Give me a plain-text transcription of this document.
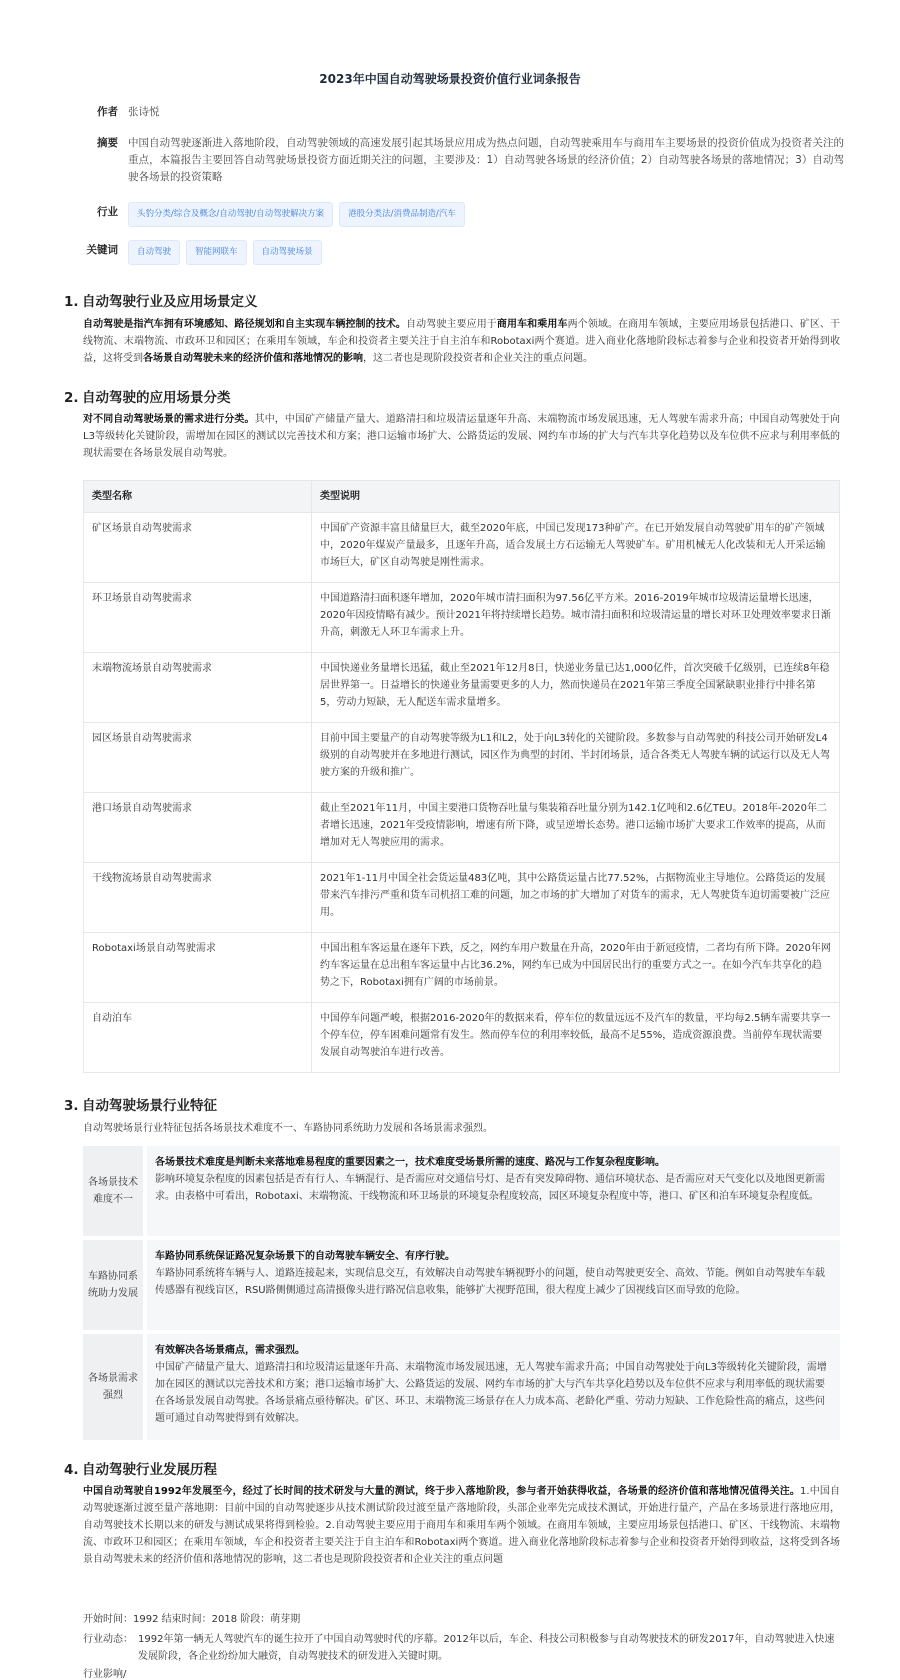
2023年中国自动驾驶场景投资价值行业词条报告
作者 张诗悦
摘要 中国自动驾驶逐渐进入落地阶段，自动驾驶领域的高速发展引起其场景应用成为热点问题，自动驾驶乘用车与商用车主要场景的投资价值成为投资者关注的重点，本篇报告主要回答自动驾驶场景投资方面近期关注的问题，主要涉及：1）自动驾驶各场景的经济价值；2）自动驾驶各场景的落地情况；3）自动驾驶各场景的投资策略
行业	头豹分类/综合及概念/自动驾驶/自动驾驶解决方案	港股分类法/消费品制造/汽车
关键词	自动驾驶	智能网联车	自动驾驶场景
1. 自动驾驶行业及应用场景定义
自动驾驶是指汽车拥有环境感知、路径规划和自主实现车辆控制的技术。自动驾驶主要应用于商用车和乘用车两个领域。在商用车领域，主要应用场景包括港口、矿区、干线物流、末端物流、市政环卫和园区；在乘用车领域，车企和投资者主要关注于自主泊车和Robotaxi两个赛道。进入商业化落地阶段标志着参与企业和投资者开始得到收益，这将受到各场景自动驾驶未来的经济价值和落地情况的影响，这二者也是现阶段投资者和企业关注的重点问题。
2. 自动驾驶的应用场景分类
对不同自动驾驶场景的需求进行分类。其中，中国矿产储量产量大、道路清扫和垃圾清运量逐年升高、末端物流市场发展迅速，无人驾驶车需求升高；中国自动驾驶处于向L3等级转化关键阶段，需增加在园区的测试以完善技术和方案；港口运输市场扩大、公路货运的发展、网约车市场的扩大与汽车共享化趋势以及车位供不应求与利用率低的现状需要在各场景发展自动驾驶。
类型名称	类型说明
矿区场景自动驾驶需求	中国矿产资源丰富且储量巨大，截至2020年底，中国已发现173种矿产。在已开始发展自动驾驶矿用车的矿产领域中，2020年煤炭产量最多，且逐年升高，适合发展土方石运输无人驾驶矿车。矿用机械无人化改装和无人开采运输市场巨大，矿区自动驾驶是刚性需求。
环卫场景自动驾驶需求	中国道路清扫面积逐年增加，2020年城市清扫面积为97.56亿平方米。2016-2019年城市垃圾清运量增长迅速，2020年因疫情略有减少。预计2021年将持续增长趋势。城市清扫面积和垃圾清运量的增长对环卫处理效率要求日渐升高，刺激无人环卫车需求上升。
末端物流场景自动驾驶需求	中国快递业务量增长迅猛，截止至2021年12月8日，快递业务量已达1,000亿件，首次突破千亿级别，已连续8年稳居世界第一。日益增长的快递业务量需要更多的人力，然而快递员在2021年第三季度全国紧缺职业排行中排名第5，劳动力短缺，无人配送车需求量增多。
园区场景自动驾驶需求	目前中国主要量产的自动驾驶等级为L1和L2，处于向L3转化的关键阶段。多数参与自动驾驶的科技公司开始研发L4级别的自动驾驶并在多地进行测试，园区作为典型的封闭、半封闭场景，适合各类无人驾驶车辆的试运行以及无人驾驶方案的升级和推广。
港口场景自动驾驶需求	截止至2021年11月，中国主要港口货物吞吐量与集装箱吞吐量分别为142.1亿吨和2.6亿TEU。2018年-2020年二者增长迅速，2021年受疫情影响，增速有所下降，或呈逆增长态势。港口运输市场扩大要求工作效率的提高，从而增加对无人驾驶应用的需求。
干线物流场景自动驾驶需求	2021年1-11月中国全社会货运量483亿吨，其中公路货运量占比77.52%，占据物流业主导地位。公路货运的发展带来汽车排污严重和货车司机招工难的问题，加之市场的扩大增加了对货车的需求，无人驾驶货车迫切需要被广泛应用。
Robotaxi场景自动驾驶需求	中国出租车客运量在逐年下跌，反之，网约车用户数量在升高，2020年由于新冠疫情，二者均有所下降。2020年网约车客运量在总出租车客运量中占比36.2%，网约车已成为中国居民出行的重要方式之一。在如今汽车共享化的趋势之下，Robotaxi拥有广阔的市场前景。
自动泊车	中国停车问题严峻，根据2016-2020年的数据来看，停车位的数量远远不及汽车的数量，平均每2.5辆车需要共享一个停车位，停车困难问题常有发生。然而停车位的利用率较低，最高不足55%，造成资源浪费。当前停车现状需要发展自动驾驶泊车进行改善。
3. 自动驾驶场景行业特征
自动驾驶场景行业特征包括各场景技术难度不一、车路协同系统助力发展和各场景需求强烈。
各场景技术难度不一
各场景技术难度是判断未来落地难易程度的重要因素之一，技术难度受场景所需的速度、路况与工作复杂程度影响。
影响环境复杂程度的因素包括是否有行人、车辆混行、是否需应对交通信号灯、是否有突发障碍物、通信环境状态、是否需应对天气变化以及地图更新需求。由表格中可看出，Robotaxi、末端物流、干线物流和环卫场景的环境复杂程度较高，园区环境复杂程度中等，港口、矿区和泊车环境复杂程度低。
车路协同系统助力发展
车路协同系统保证路况复杂场景下的自动驾驶车辆安全、有序行驶。
车路协同系统将车辆与人、道路连接起来，实现信息交互，有效解决自动驾驶车辆视野小的问题，使自动驾驶更安全、高效、节能。例如自动驾驶车车载传感器有视线盲区，RSU路侧侧通过高清摄像头进行路况信息收集，能够扩大视野范围，很大程度上减少了因视线盲区而导致的危险。
各场景需求强烈
有效解决各场景痛点，需求强烈。
中国矿产储量产量大、道路清扫和垃圾清运量逐年升高、末端物流市场发展迅速，无人驾驶车需求升高；中国自动驾驶处于向L3等级转化关键阶段，需增加在园区的测试以完善技术和方案；港口运输市场扩大、公路货运的发展、网约车市场的扩大与汽车共享化趋势以及车位供不应求与利用率低的现状需要在各场景发展自动驾驶。各场景痛点亟待解决。矿区、环卫、末端物流三场景存在人力成本高、老龄化严重、劳动力短缺、工作危险性高的痛点，这些问题可通过自动驾驶得到有效解决。
4. 自动驾驶行业发展历程
中国自动驾驶自1992年发展至今，经过了长时间的技术研发与大量的测试，终于步入落地阶段，参与者开始获得收益，各场景的经济价值和落地情况值得关注。1.中国自动驾驶逐渐过渡至量产落地期：目前中国的自动驾驶逐步从技术测试阶段过渡至量产落地阶段，头部企业率先完成技术测试，开始进行量产，产品在多场景进行落地应用，自动驾驶技术长期以来的研发与测试成果将得到检验。2.自动驾驶主要应用于商用车和乘用车两个领域。在商用车领域，主要应用场景包括港口、矿区、干线物流、末端物流、市政环卫和园区；在乘用车领域，车企和投资者主要关注于自主泊车和Robotaxi两个赛道。进入商业化落地阶段标志着参与企业和投资者开始得到收益，这将受到各场景自动驾驶未来的经济价值和落地情况的影响，这二者也是现阶段投资者和企业关注的重点问题
开始时间：1992 结束时间：2018 阶段：萌芽期
行业动态： 1992年第一辆无人驾驶汽车的诞生拉开了中国自动驾驶时代的序幕。2012年以后，车企、科技公司积极参与自动驾驶技术的研发2017年，自动驾驶进入快速发展阶段，各企业纷纷加大融资，自动驾驶技术的研发进入关键时期。
行业影响/
